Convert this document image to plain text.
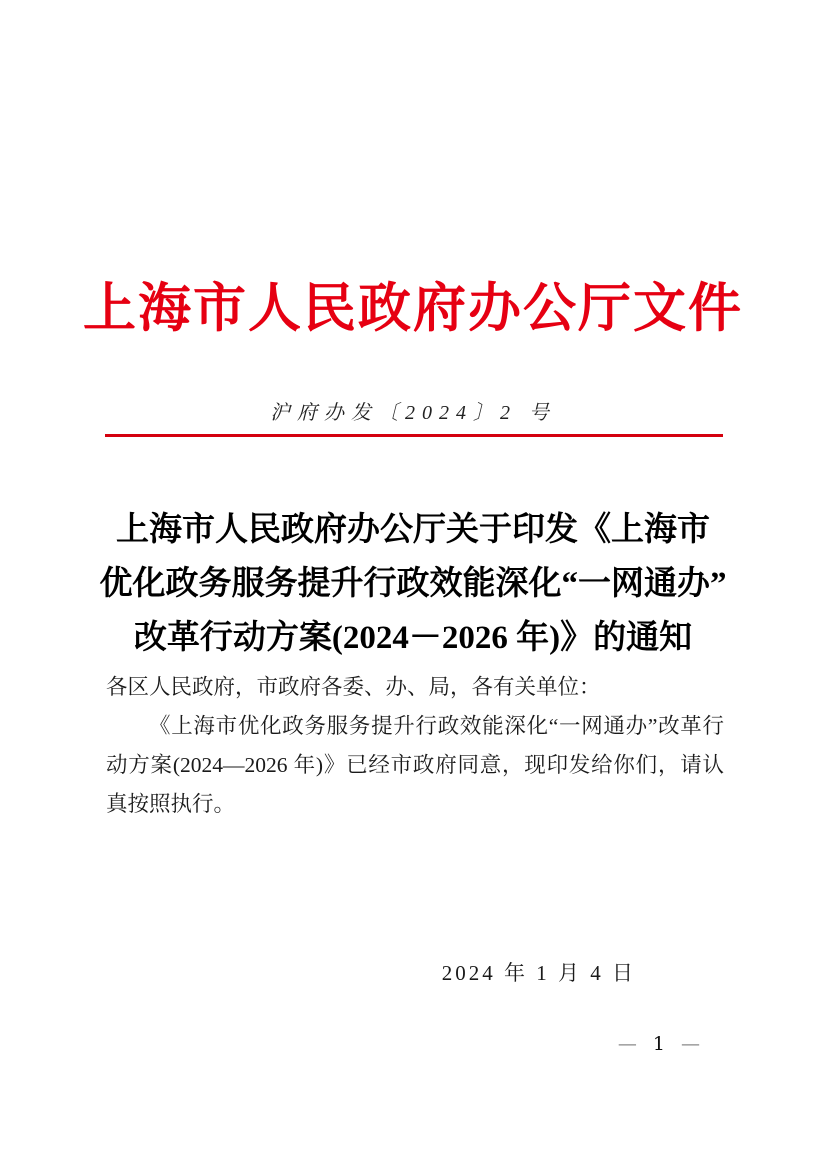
上海市人民政府办公厅文件
沪府办发〔2024〕2 号
上海市人民政府办公厅关于印发《上海市
优化政务服务提升行政效能深化“一网通办”
改革行动方案(2024－2026 年)》的通知

各区人民政府，市政府各委、办、局，各有关单位：

《上海市优化政务服务提升行政效能深化“一网通办”改革行动方案(2024—2026 年)》已经市政府同意，现印发给你们，请认真按照执行。

2024 年 1 月 4 日
— 1 —
